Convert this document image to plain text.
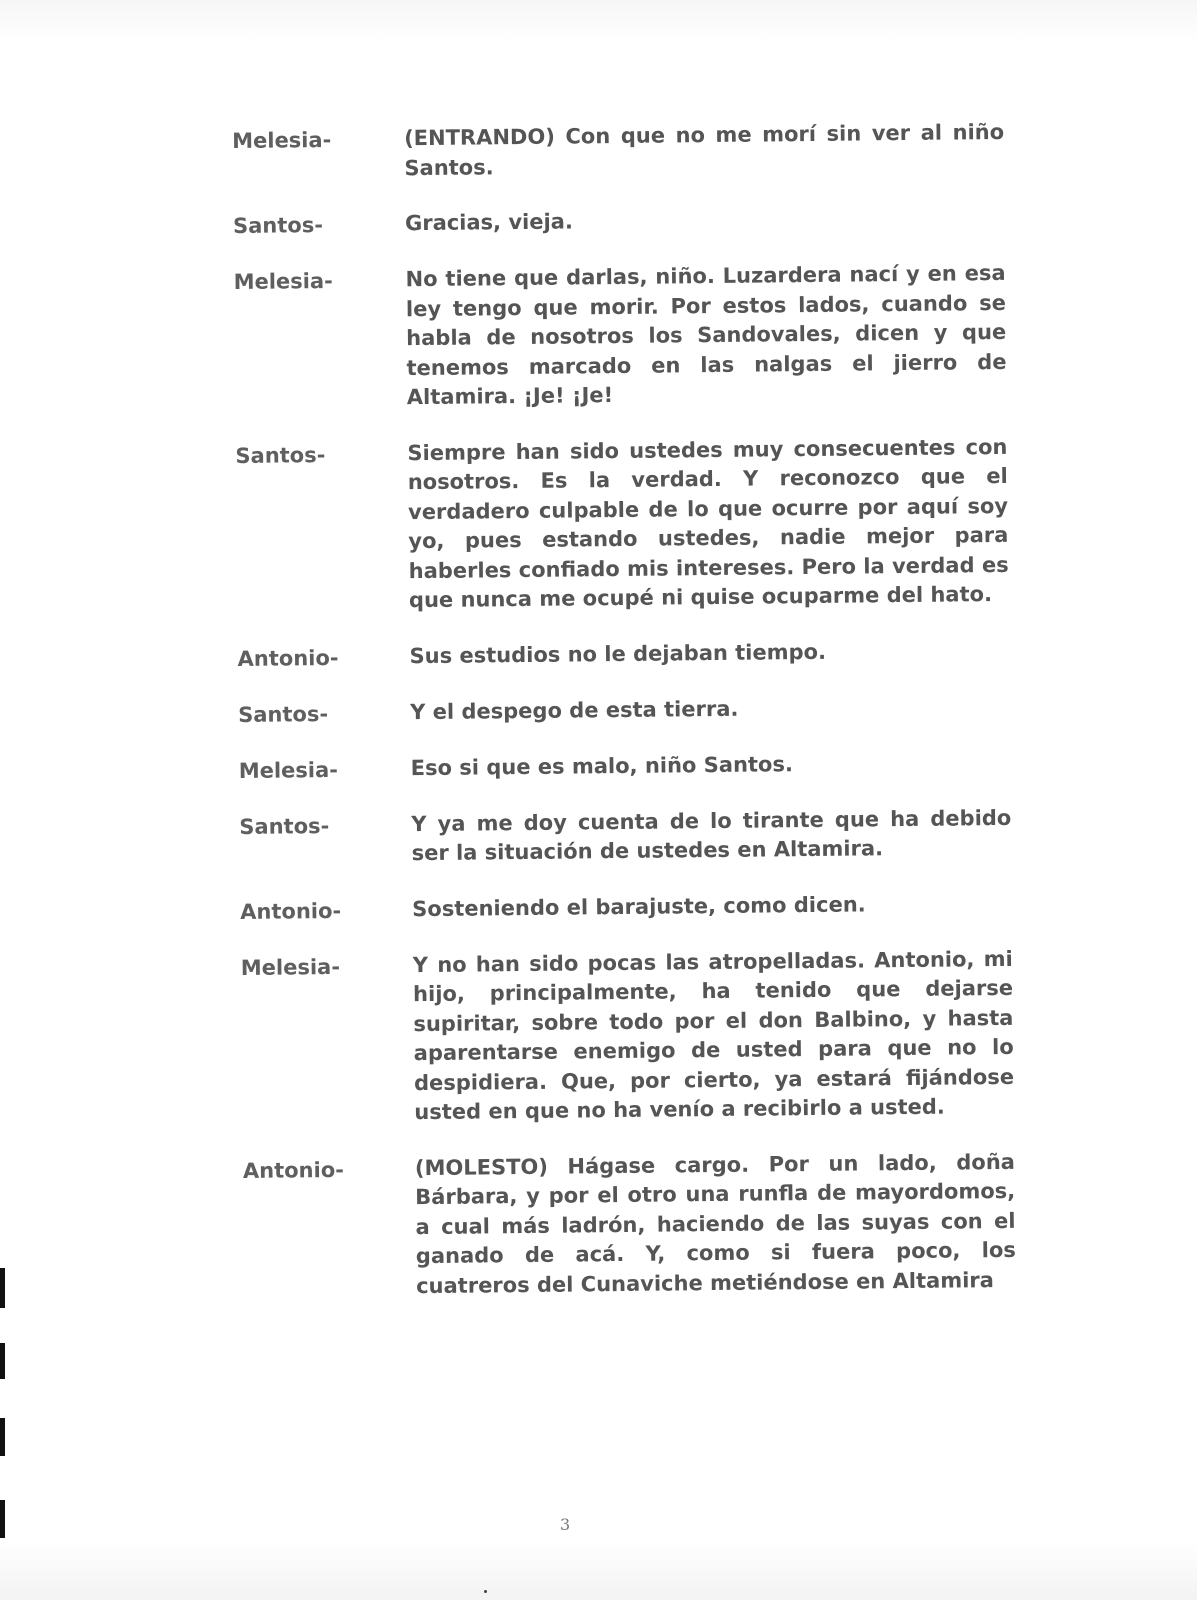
Melesia-	(ENTRANDO) Con que no me morí sin ver al niño Santos.
Santos-	Gracias, vieja.
Melesia-	No tiene que darlas, niño. Luzardera nací y en esa ley tengo que morir. Por estos lados, cuando se habla de nosotros los Sandovales, dicen y que tenemos marcado en las nalgas el jierro de Altamira. ¡Je! ¡Je!
Santos-	Siempre han sido ustedes muy consecuentes con nosotros. Es la verdad. Y reconozco que el verdadero culpable de lo que ocurre por aquí soy yo, pues estando ustedes, nadie mejor para haberles confiado mis intereses. Pero la verdad es que nunca me ocupé ni quise ocuparme del hato.
Antonio-	Sus estudios no le dejaban tiempo.
Santos-	Y el despego de esta tierra.
Melesia-	Eso si que es malo, niño Santos.
Santos-	Y ya me doy cuenta de lo tirante que ha debido ser la situación de ustedes en Altamira.
Antonio-	Sosteniendo el barajuste, como dicen.
Melesia-	Y no han sido pocas las atropelladas. Antonio, mi hijo, principalmente, ha tenido que dejarse supiritar, sobre todo por el don Balbino, y hasta aparentarse enemigo de usted para que no lo despidiera. Que, por cierto, ya estará fijándose usted en que no ha venío a recibirlo a usted.
Antonio-	(MOLESTO) Hágase cargo. Por un lado, doña Bárbara, y por el otro una runfla de mayordomos, a cual más ladrón, haciendo de las suyas con el ganado de acá. Y, como si fuera poco, los cuatreros del Cunaviche metiéndose en Altamira
3
